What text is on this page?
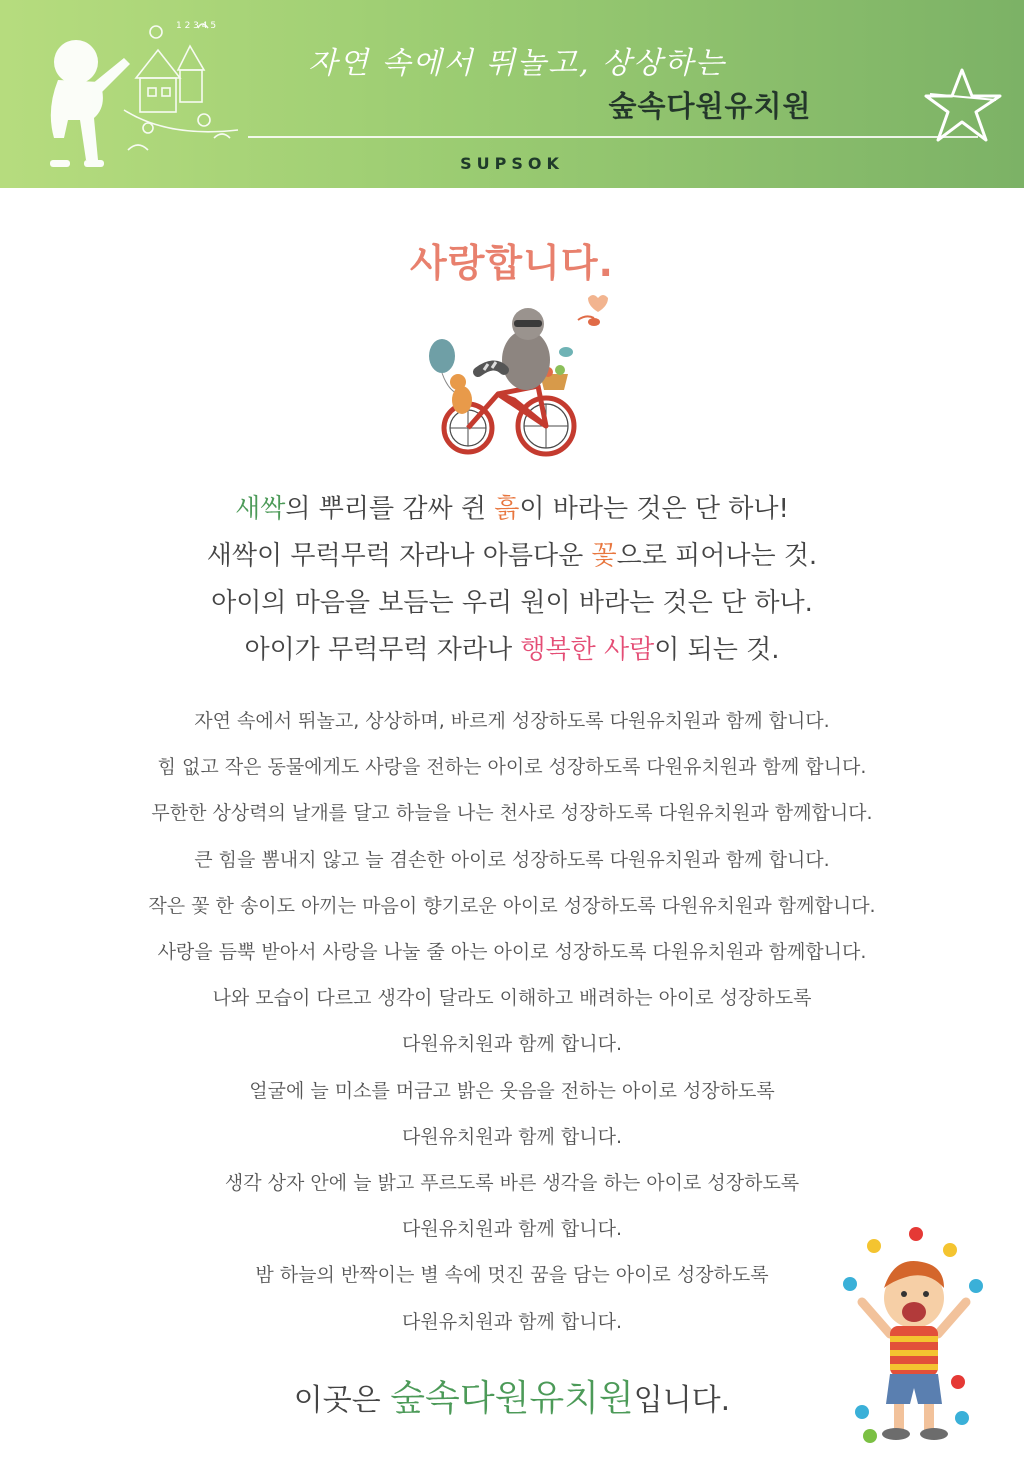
1 2 3 4 5
자연 속에서 뛰놀고, 상상하는
숲속다원유치원
SUPSOK
사랑합니다.
새싹의 뿌리를 감싸 쥔 흙이 바라는 것은 단 하나!
새싹이 무럭무럭 자라나 아름다운 꽃으로 피어나는 것.
아이의 마음을 보듬는 우리 원이 바라는 것은 단 하나.
아이가 무럭무럭 자라나 행복한 사람이 되는 것.
자연 속에서 뛰놀고, 상상하며, 바르게 성장하도록 다원유치원과 함께 합니다.
힘 없고 작은 동물에게도 사랑을 전하는 아이로 성장하도록 다원유치원과 함께 합니다.
무한한 상상력의 날개를 달고 하늘을 나는 천사로 성장하도록 다원유치원과 함께합니다.
큰 힘을 뽐내지 않고 늘 겸손한 아이로 성장하도록 다원유치원과 함께 합니다.
작은 꽃 한 송이도 아끼는 마음이 향기로운 아이로 성장하도록 다원유치원과 함께합니다.
사랑을 듬뿍 받아서 사랑을 나눌 줄 아는 아이로 성장하도록 다원유치원과 함께합니다.
나와 모습이 다르고 생각이 달라도 이해하고 배려하는 아이로 성장하도록
다원유치원과 함께 합니다.
얼굴에 늘 미소를 머금고 밝은 웃음을 전하는 아이로 성장하도록
다원유치원과 함께 합니다.
생각 상자 안에 늘 밝고 푸르도록 바른 생각을 하는 아이로 성장하도록
다원유치원과 함께 합니다.
밤 하늘의 반짝이는 별 속에 멋진 꿈을 담는 아이로 성장하도록
다원유치원과 함께 합니다.
이곳은 숲속다원유치원입니다.
